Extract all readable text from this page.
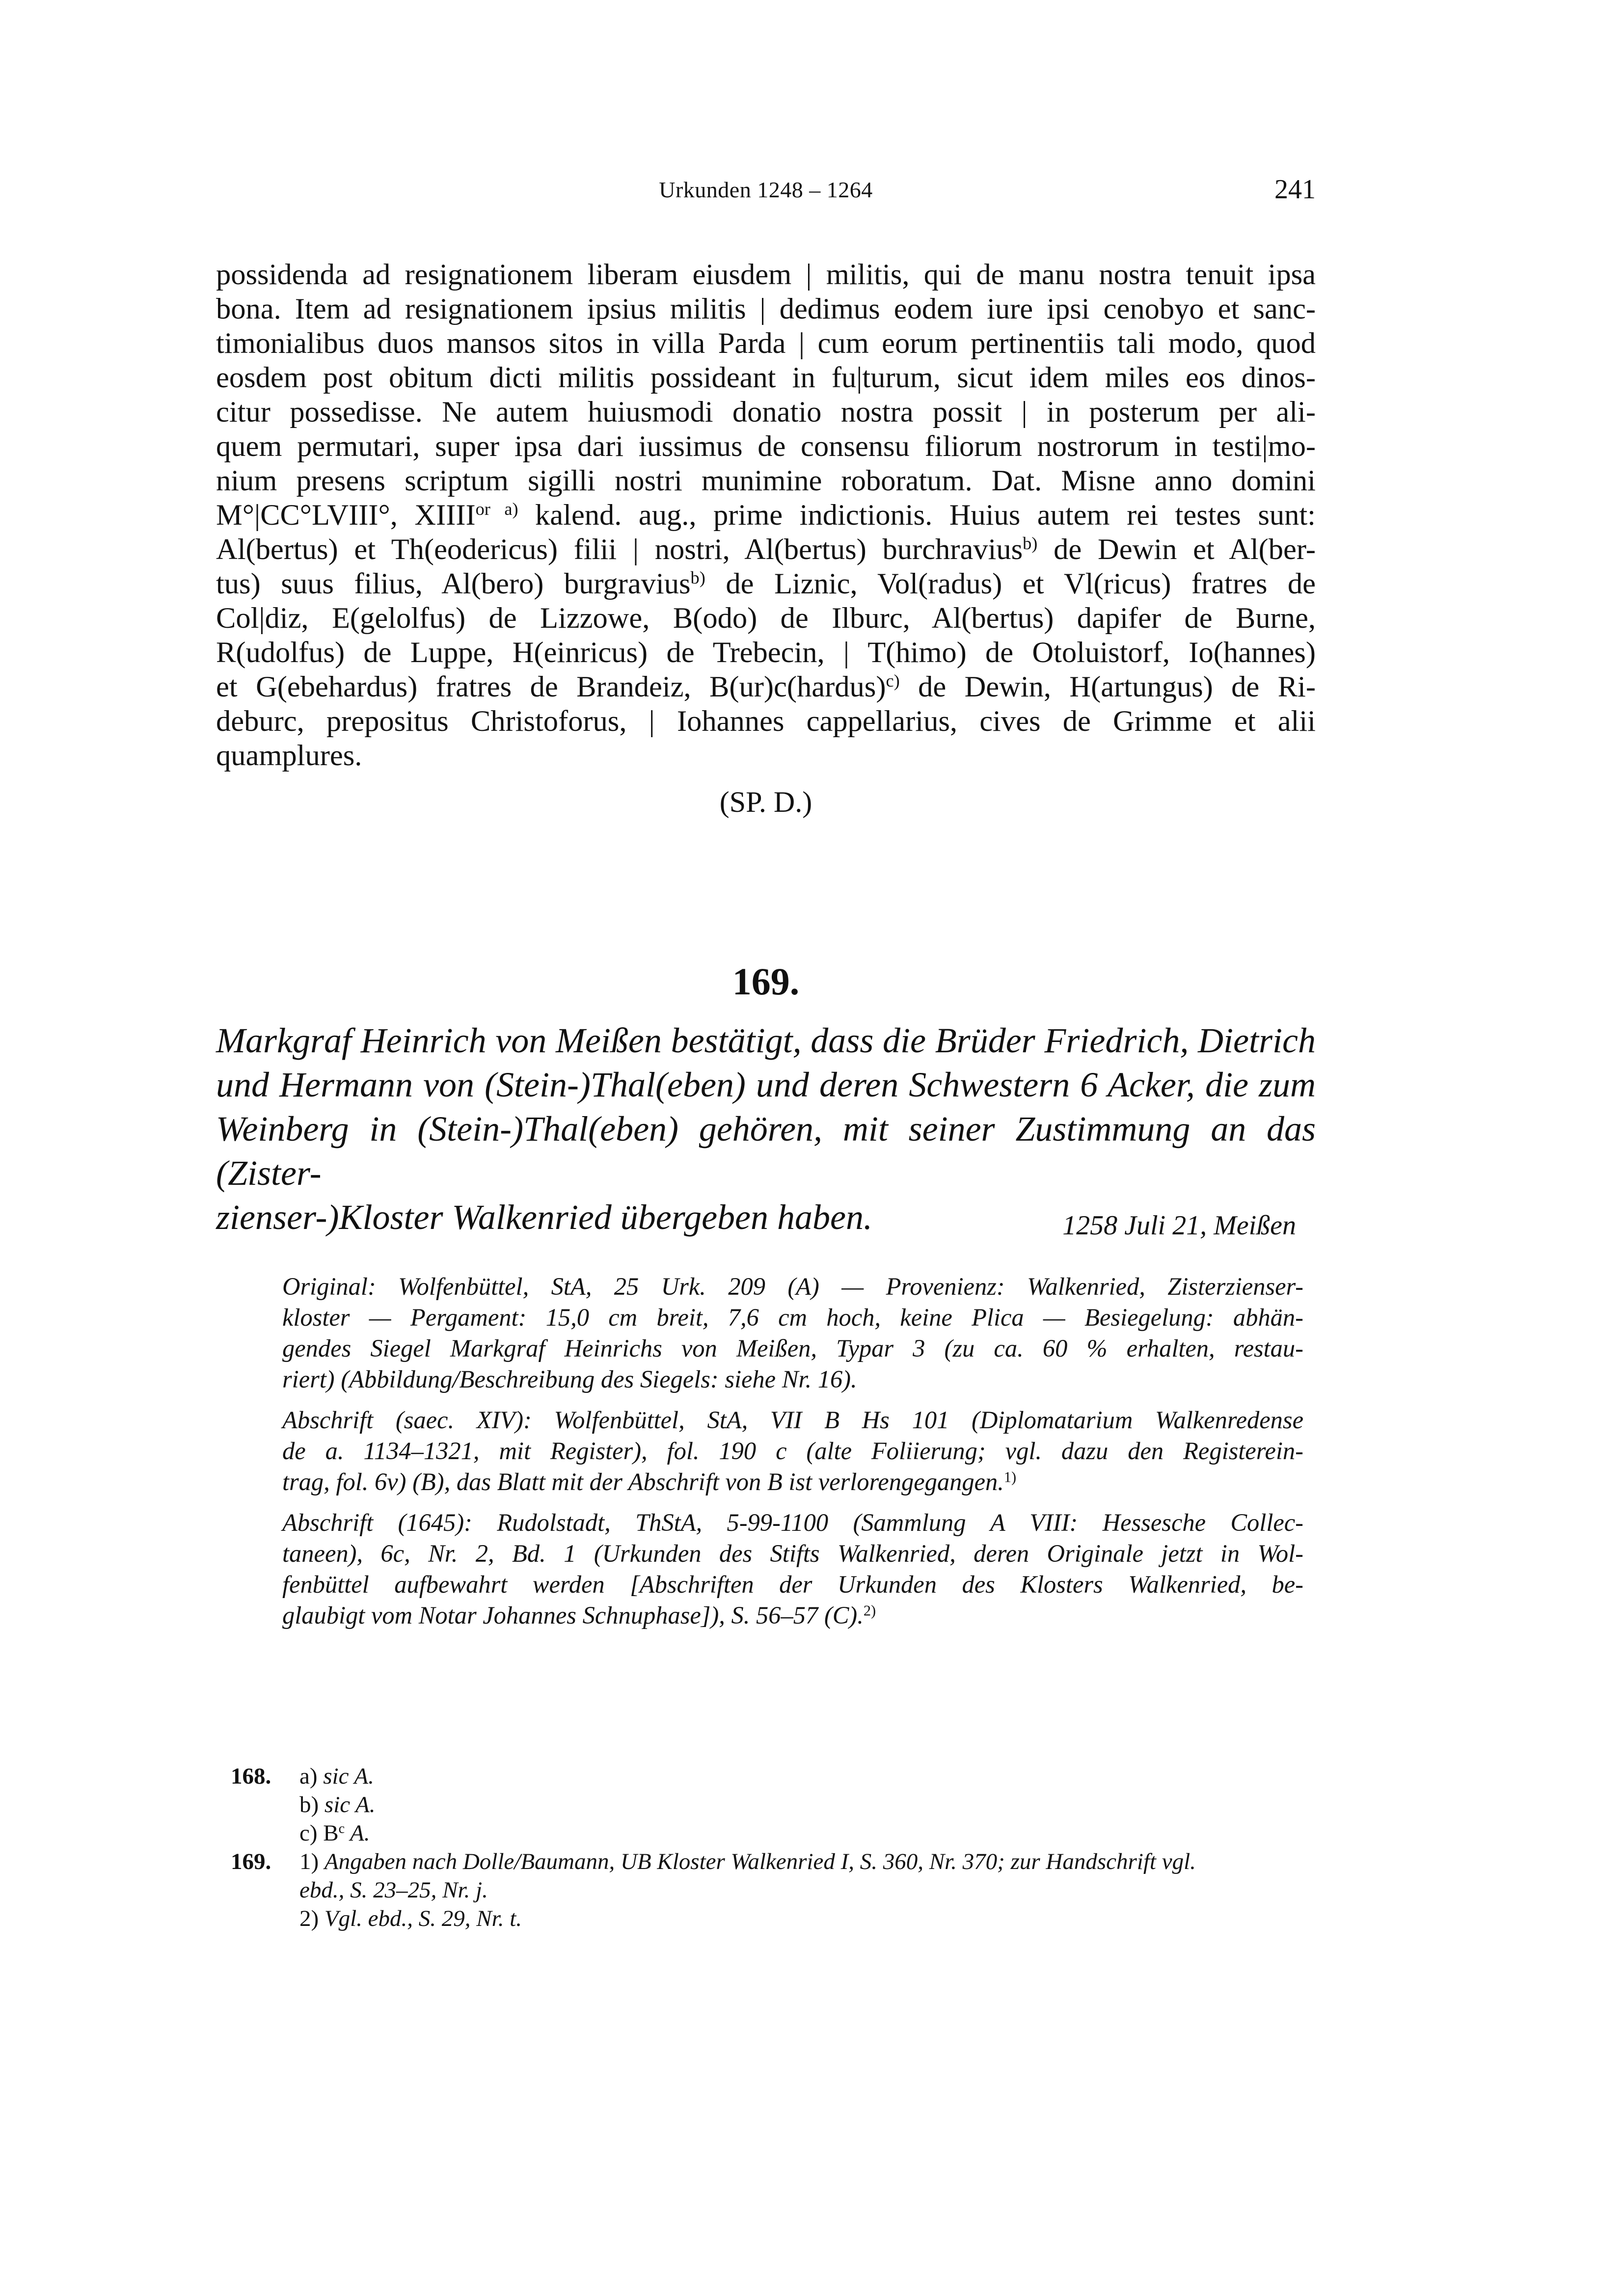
Urkunden 1248 – 1264	241
possidenda ad resignationem liberam eiusdem | militis, qui de manu nostra tenuit ipsa
bona. Item ad resignationem ipsius militis | dedimus eodem iure ipsi cenobyo et sanc-
timonialibus duos mansos sitos in villa Parda | cum eorum pertinentiis tali modo, quod
eosdem post obitum dicti militis possideant in fu|turum, sicut idem miles eos dinos-
citur possedisse. Ne autem huiusmodi donatio nostra possit | in posterum per ali-
quem permutari, super ipsa dari iussimus de consensu filiorum nostrorum in testi|mo-
nium presens scriptum sigilli nostri munimine roboratum. Dat. Misne anno domini
M°|CC°LVIII°, $XIIII^{or a)}$ kalend. aug., prime indictionis. Huius autem rei testes sunt:
Al(bertus) et Th(eodericus) filii | nostri, Al(bertus) burchravius$^{b)}$ de Dewin et Al(ber-
tus) suus filius, Al(bero) burgravius$^{b)}$ de Liznic, Vol(radus) et Vl(ricus) fratres de
Col|diz, E(gelolfus) de Lizzowe, B(odo) de Ilburc, Al(bertus) dapifer de Burne,
R(udolfus) de Luppe, H(einricus) de Trebecin, | T(himo) de Otoluistorf, Io(hannes)
et G(ebehardus) fratres de Brandeiz, B(ur)c(hardus)$^{c)}$ de Dewin, H(artungus) de Ri-
deburc, prepositus Christoforus, | Iohannes cappellarius, cives de Grimme et alii
quamplures.
(SP. D.)
169.
Markgraf Heinrich von Meißen bestätigt, dass die Brüder Friedrich, Dietrich
und Hermann von (Stein-)Thal(eben) und deren Schwestern 6 Acker, die zum
Weinberg in (Stein-)Thal(eben) gehören, mit seiner Zustimmung an das (Zister-
zienser-)Kloster Walkenried übergeben haben.	1258 Juli 21, Meißen
Original: Wolfenbüttel, StA, 25 Urk. 209 (A) — Provenienz: Walkenried, Zisterzienser-
kloster — Pergament: 15,0 cm breit, 7,6 cm hoch, keine Plica — Besiegelung: abhän-
gendes Siegel Markgraf Heinrichs von Meißen, Typar 3 (zu ca. 60 % erhalten, restau-
riert) (Abbildung/Beschreibung des Siegels: siehe Nr. 16).
Abschrift (saec. XIV): Wolfenbüttel, StA, VII B Hs 101 (Diplomatarium Walkenredense
de a. 1134–1321, mit Register), fol. 190 c (alte Foliierung; vgl. dazu den Registerein-
trag, fol. 6v) (B), das Blatt mit der Abschrift von B ist verlorengegangen.$^{1)}$
Abschrift (1645): Rudolstadt, ThStA, 5-99-1100 (Sammlung A VIII: Hessesche Collec-
taneen), 6c, Nr. 2, Bd. 1 (Urkunden des Stifts Walkenried, deren Originale jetzt in Wol-
fenbüttel aufbewahrt werden [Abschriften der Urkunden des Klosters Walkenried, be-
glaubigt vom Notar Johannes Schnuphase]), S. 56–57 (C).$^{2)}$
168.	a) sic A.
b) sic A.
c) $B^c$ A.
169.	1) Angaben nach Dolle/Baumann, UB Kloster Walkenried I, S. 360, Nr. 370; zur Handschrift vgl.
ebd., S. 23–25, Nr. j.
2) Vgl. ebd., S. 29, Nr. t.
